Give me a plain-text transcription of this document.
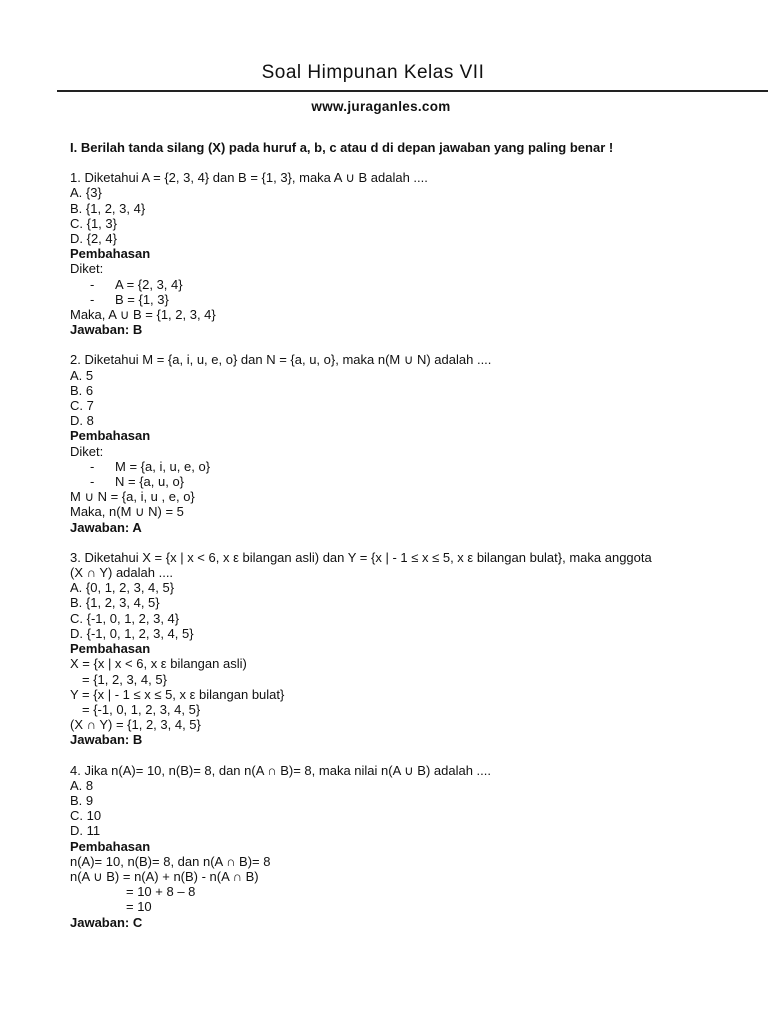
Soal Himpunan Kelas VII
www.juraganles.com
I. Berilah tanda silang (X) pada huruf a, b, c atau d di depan jawaban yang paling benar !
1. Diketahui A = {2, 3, 4} dan B = {1, 3}, maka A ∪ B adalah ....
A. {3}
B. {1, 2, 3, 4}
C. {1, 3}
D. {2, 4}
Pembahasan
Diket:
- A = {2, 3, 4}
- B = {1, 3}
Maka, A ∪ B = {1, 2, 3, 4}
Jawaban: B
2. Diketahui M = {a, i, u, e, o} dan N = {a, u, o}, maka n(M ∪ N) adalah ....
A. 5
B. 6
C. 7
D. 8
Pembahasan
Diket:
- M = {a, i, u, e, o}
- N = {a, u, o}
M ∪ N = {a, i, u , e, o}
Maka, n(M ∪ N) = 5
Jawaban: A
3. Diketahui X = {x | x < 6, x ε bilangan asli) dan Y = {x | - 1 ≤ x ≤ 5, x ε bilangan bulat}, maka anggota
(X ∩ Y) adalah ....
A. {0, 1, 2, 3, 4, 5}
B. {1, 2, 3, 4, 5}
C. {-1, 0, 1, 2, 3, 4}
D. {-1, 0, 1, 2, 3, 4, 5}
Pembahasan
X = {x | x < 6, x ε bilangan asli)
= {1, 2, 3, 4, 5}
Y = {x | - 1 ≤ x ≤ 5, x ε bilangan bulat}
= {-1, 0, 1, 2, 3, 4, 5}
(X ∩ Y) = {1, 2, 3, 4, 5}
Jawaban: B
4. Jika n(A)= 10, n(B)= 8, dan n(A ∩ B)= 8, maka nilai n(A ∪ B) adalah ....
A. 8
B. 9
C. 10
D. 11
Pembahasan
n(A)= 10, n(B)= 8, dan n(A ∩ B)= 8
n(A ∪ B) = n(A) + n(B) - n(A ∩ B)
= 10 + 8 – 8
= 10
Jawaban: C
